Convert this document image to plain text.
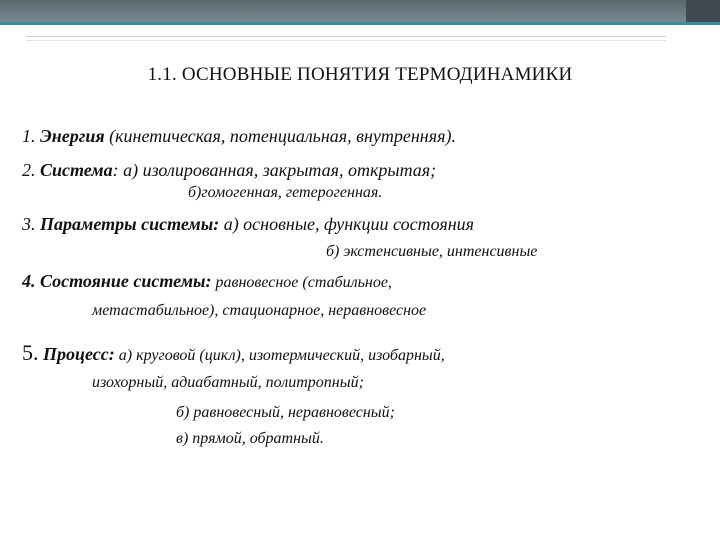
1.1. ОСНОВНЫЕ ПОНЯТИЯ ТЕРМОДИНАМИКИ
1. Энергия (кинетическая, потенциальная, внутренняя).
2. Система: а) изолированная, закрытая, открытая;
б)гомогенная, гетерогенная.
3. Параметры системы: а) основные, функции состояния
б) экстенсивные, интенсивные
4. Состояние системы: равновесное (стабильное,
метастабильное), стационарное, неравновесное
5. Процесс: а) круговой (цикл), изотермический, изобарный,
изохорный, адиабатный, политропный;
б) равновесный, неравновесный;
в) прямой, обратный.
